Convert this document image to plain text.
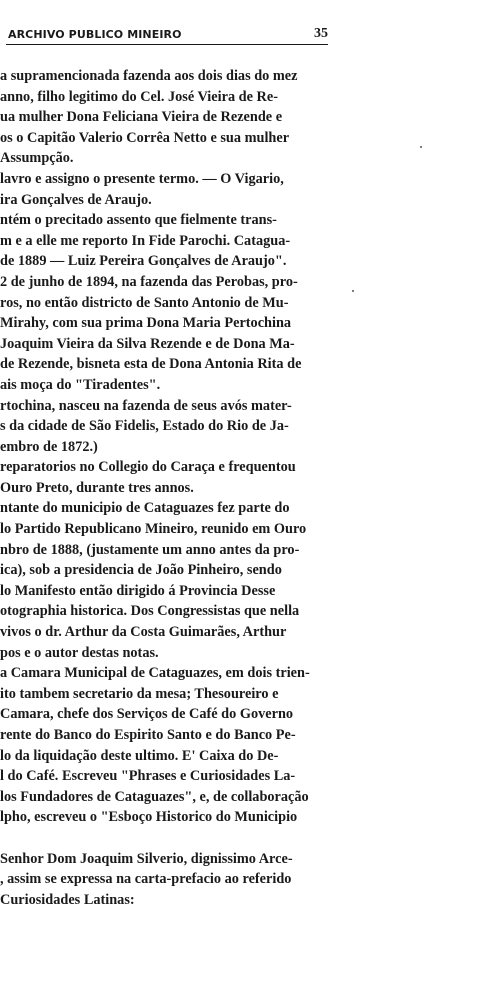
ARCHIVO PUBLICO MINEIRO	35
a supramencionada fazenda aos dois dias do mez
anno, filho legitimo do Cel. José Vieira de Re-
ua mulher Dona Feliciana Vieira de Rezende e
os o Capitão Valerio Corrêa Netto e sua mulher
Assumpção.
lavro e assigno o presente termo. — O Vigario,
ira Gonçalves de Araujo.
ntém o precitado assento que fielmente trans-
m e a elle me reporto In Fide Parochi. Catagua-
de 1889 — Luiz Pereira Gonçalves de Araujo".
2 de junho de 1894, na fazenda das Perobas, pro-
ros, no então districto de Santo Antonio de Mu-
Mirahy, com sua prima Dona Maria Pertochina
Joaquim Vieira da Silva Rezende e de Dona Ma-
de Rezende, bisneta esta de Dona Antonia Rita de
ais moça do "Tiradentes".
rtochina, nasceu na fazenda de seus avós mater-
s da cidade de São Fidelis, Estado do Rio de Ja-
embro de 1872.)
reparatorios no Collegio do Caraça e frequentou
Ouro Preto, durante tres annos.
ntante do municipio de Cataguazes fez parte do
lo Partido Republicano Mineiro, reunido em Ouro
nbro de 1888, (justamente um anno antes da pro-
ica), sob a presidencia de João Pinheiro, sendo
lo Manifesto então dirigido á Provincia Desse
otographia historica. Dos Congressistas que nella
vivos o dr. Arthur da Costa Guimarães, Arthur
pos e o autor destas notas.
a Camara Municipal de Cataguazes, em dois trien-
ito tambem secretario da mesa; Thesoureiro e
Camara, chefe dos Serviços de Café do Governo
rente do Banco do Espirito Santo e do Banco Pe-
lo da liquidação deste ultimo. E' Caixa do De-
l do Café. Escreveu "Phrases e Curiosidades La-
los Fundadores de Cataguazes", e, de collaboração
lpho, escreveu o "Esboço Historico do Municipio
Senhor Dom Joaquim Silverio, dignissimo Arce-
, assim se expressa na carta-prefacio ao referido
Curiosidades Latinas:
